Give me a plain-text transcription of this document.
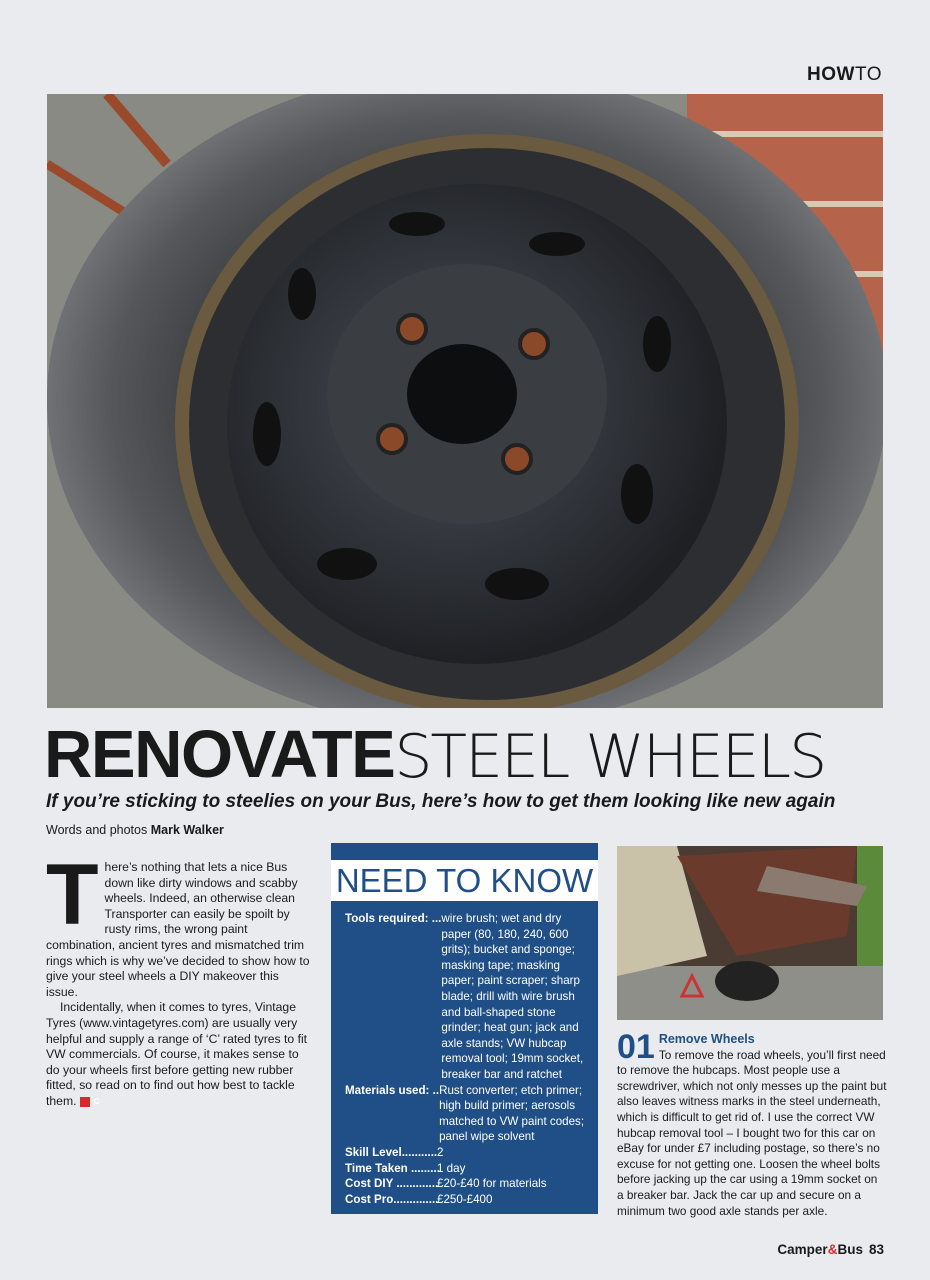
HOWTO
RENOVATESTEEL WHEELS
If you’re sticking to steelies on your Bus, here’s how to get them looking like new again
Words and photos Mark Walker

There’s nothing that lets a nice Bus down like dirty windows and scabby wheels. Indeed, an otherwise clean Transporter can easily be spoilt by rusty rims, the wrong paint combination, ancient tyres and mismatched trim rings which is why we’ve decided to show how to give your steel wheels a DIY makeover this issue.

Incidentally, when it comes to tyres, Vintage Tyres (www.vintagetyres.com) are usually very helpful and supply a range of ‘C’ rated tyres to fit VW commercials. Of course, it makes sense to do your wheels first before getting new rubber fitted, so read on to find out how best to tackle them. C

NEED TO KNOW
Tools required: ... wire brush; wet and dry paper (80, 180, 240, 600 grits); bucket and sponge; masking tape; masking paper; paint scraper; sharp blade; drill with wire brush and ball-shaped stone grinder; heat gun; jack and axle stands; VW hubcap removal tool; 19mm socket, breaker bar and ratchet
Materials used: .. Rust converter; etch primer; high build primer; aerosols matched to VW paint codes; panel wipe solvent
Skill Level........... 2
Time Taken .........
1 day
Cost DIY .............
£20-£40 for materials
Cost Pro..............
£250-£400
01 Remove Wheels
To remove the road wheels, you’ll first need to remove the hubcaps. Most people use a screwdriver, which not only messes up the paint but also leaves witness marks in the steel underneath, which is difficult to get rid of. I use the correct VW hubcap removal tool – I bought two for this car on eBay for under £7 including postage, so there’s no excuse for not getting one. Loosen the wheel bolts before jacking up the car using a 19mm socket on a breaker bar. Jack the car up and secure on a minimum two good axle stands per axle.
Camper&Bus 83
